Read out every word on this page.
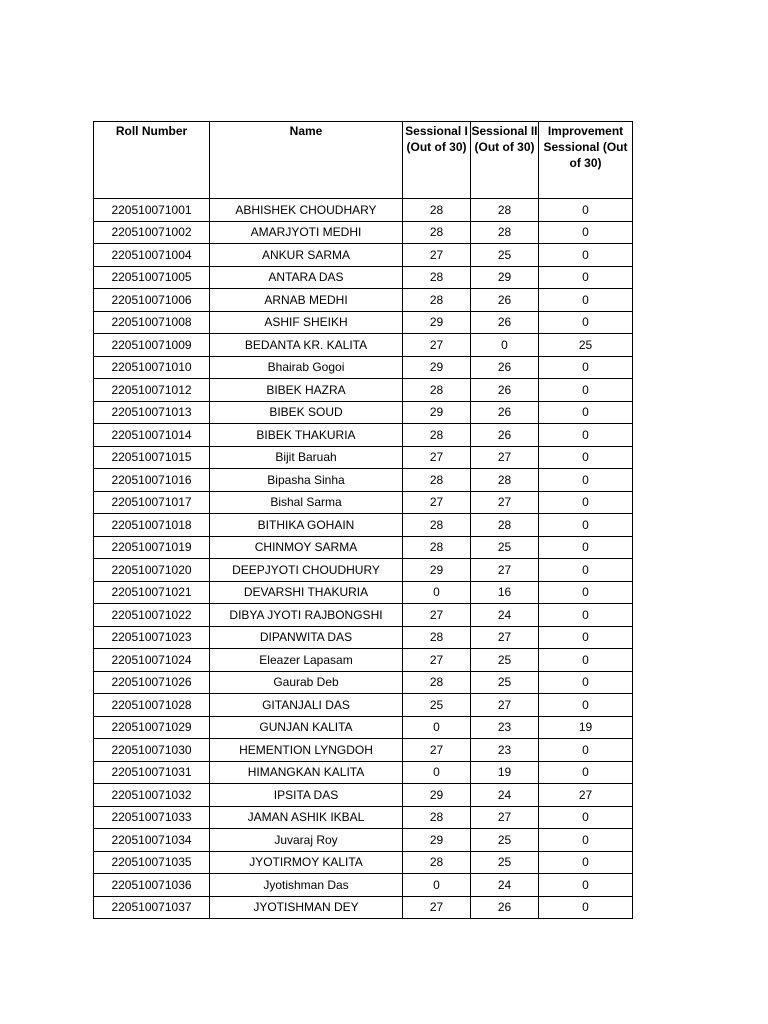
Roll Number	Name	Sessional I (Out of 30)	Sessional II (Out of 30)	Improvement Sessional (Out of 30)
220510071001	ABHISHEK CHOUDHARY	28	28	0
220510071002	AMARJYOTI MEDHI	28	28	0
220510071004	ANKUR SARMA	27	25	0
220510071005	ANTARA DAS	28	29	0
220510071006	ARNAB MEDHI	28	26	0
220510071008	ASHIF SHEIKH	29	26	0
220510071009	BEDANTA KR. KALITA	27	0	25
220510071010	Bhairab Gogoi	29	26	0
220510071012	BIBEK HAZRA	28	26	0
220510071013	BIBEK SOUD	29	26	0
220510071014	BIBEK THAKURIA	28	26	0
220510071015	Bijit Baruah	27	27	0
220510071016	Bipasha Sinha	28	28	0
220510071017	Bishal Sarma	27	27	0
220510071018	BITHIKA GOHAIN	28	28	0
220510071019	CHINMOY SARMA	28	25	0
220510071020	DEEPJYOTI CHOUDHURY	29	27	0
220510071021	DEVARSHI THAKURIA	0	16	0
220510071022	DIBYA JYOTI RAJBONGSHI	27	24	0
220510071023	DIPANWITA DAS	28	27	0
220510071024	Eleazer Lapasam	27	25	0
220510071026	Gaurab Deb	28	25	0
220510071028	GITANJALI DAS	25	27	0
220510071029	GUNJAN KALITA	0	23	19
220510071030	HEMENTION LYNGDOH	27	23	0
220510071031	HIMANGKAN KALITA	0	19	0
220510071032	IPSITA DAS	29	24	27
220510071033	JAMAN ASHIK IKBAL	28	27	0
220510071034	Juvaraj Roy	29	25	0
220510071035	JYOTIRMOY KALITA	28	25	0
220510071036	Jyotishman Das	0	24	0
220510071037	JYOTISHMAN DEY	27	26	0
